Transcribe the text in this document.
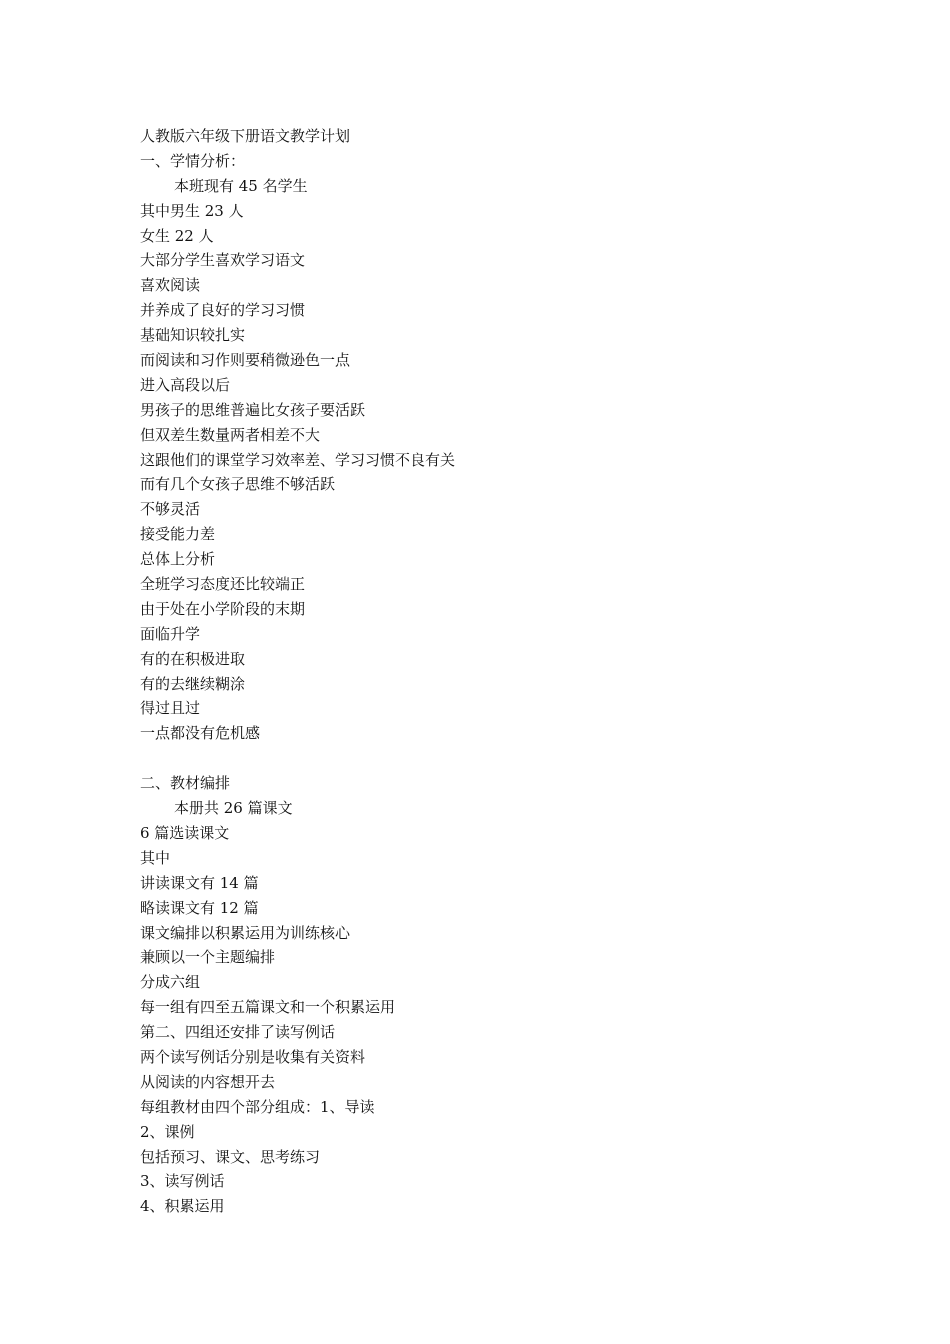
人教版六年级下册语文教学计划
一、学情分析：
本班现有 45 名学生
其中男生 23 人
女生 22 人
大部分学生喜欢学习语文
喜欢阅读
并养成了良好的学习习惯
基础知识较扎实
而阅读和习作则要稍微逊色一点
进入高段以后
男孩子的思维普遍比女孩子要活跃
但双差生数量两者相差不大
这跟他们的课堂学习效率差、学习习惯不良有关
而有几个女孩子思维不够活跃
不够灵活
接受能力差
总体上分析
全班学习态度还比较端正
由于处在小学阶段的末期
面临升学
有的在积极进取
有的去继续糊涂
得过且过
一点都没有危机感
二、教材编排
本册共 26 篇课文
6 篇选读课文
其中
讲读课文有 14 篇
略读课文有 12 篇
课文编排以积累运用为训练核心
兼顾以一个主题编排
分成六组
每一组有四至五篇课文和一个积累运用
第二、四组还安排了读写例话
两个读写例话分别是收集有关资料
从阅读的内容想开去
每组教材由四个部分组成：1、导读
2、课例
包括预习、课文、思考练习
3、读写例话
4、积累运用
